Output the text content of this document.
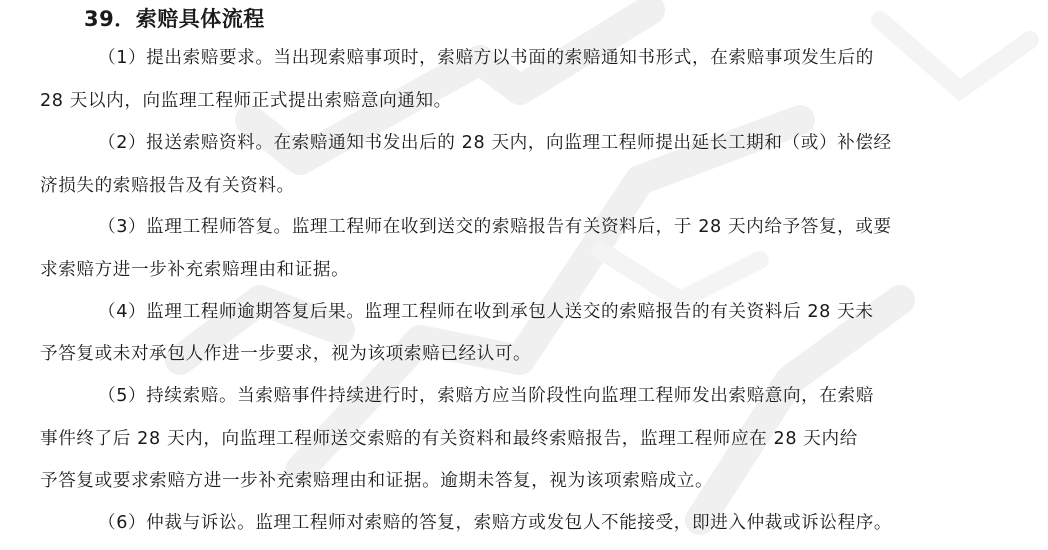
39．索赔具体流程
（1）提出索赔要求。当出现索赔事项时，索赔方以书面的索赔通知书形式，在索赔事项发生后的
28 天以内，向监理工程师正式提出索赔意向通知。
（2）报送索赔资料。在索赔通知书发出后的 28 天内，向监理工程师提出延长工期和（或）补偿经
济损失的索赔报告及有关资料。
（3）监理工程师答复。监理工程师在收到送交的索赔报告有关资料后，于 28 天内给予答复，或要
求索赔方进一步补充索赔理由和证据。
（4）监理工程师逾期答复后果。监理工程师在收到承包人送交的索赔报告的有关资料后 28 天未
予答复或未对承包人作进一步要求，视为该项索赔已经认可。
（5）持续索赔。当索赔事件持续进行时，索赔方应当阶段性向监理工程师发出索赔意向，在索赔
事件终了后 28 天内，向监理工程师送交索赔的有关资料和最终索赔报告，监理工程师应在 28 天内给
予答复或要求索赔方进一步补充索赔理由和证据。逾期未答复，视为该项索赔成立。
（6）仲裁与诉讼。监理工程师对索赔的答复，索赔方或发包人不能接受，即进入仲裁或诉讼程序。
